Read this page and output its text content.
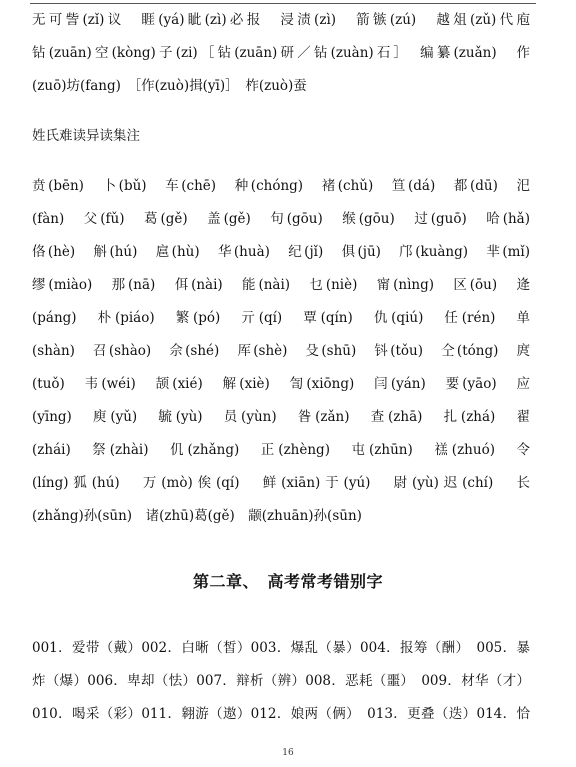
无可訾(zǐ)议　睚(yá)眦(zì)必报　浸渍(zì)　箭镞(zú)　越俎(zǔ)代庖
钻(zuān)空(kòng)子(zi)［钻(zuān)研／钻(zuàn)石］　编纂(zuǎn)　作
(zuō)坊(fang)　［作(zuò)揖(yī)］　柞(zuò)蚕
姓氏难读异读集注
贲(bēn)　卜(bǔ)　车(chē)　种(chóng)　褚(chǔ)　笪(dá)　都(dū)　汜
(fàn)　父(fǔ)　葛(gě)　盖(gě)　句(gōu)　缑(gōu)　过(guō)　哈(hǎ)
佫(hè)　斛(hú)　扈(hù)　华(huà)　纪(jǐ)　俱(jū)　邝(kuàng)　芈(mǐ)
缪(miào)　那(nā)　佴(nài)　能(nài)　乜(niè)　甯(nìng)　区(ōu)　逄
(páng)　朴(piáo)　繁(pó)　亓(qí)　覃(qín)　仇(qiú)　任(rén)　单
(shàn)　召(shào)　佘(shé)　厍(shè)　殳(shū)　钭(tǒu)　仝(tóng)　庹
(tuǒ)　韦(wéi)　颉(xié)　解(xiè)　訇(xiōng)　闫(yán)　要(yāo)　应
(yīng)　庾(yǔ)　毓(yù)　员(yùn)　昝(zǎn)　查(zhā)　扎(zhá)　翟
(zhái)　祭(zhài)　仉(zhǎng)　正(zhèng)　屯(zhūn)　禚(zhuó)　令
(líng)狐(hú)　万(mò)俟(qí)　鲜(xiān)于(yú)　尉(yù)迟(chí)　长
(zhǎng)孙(sūn)　诸(zhū)葛(gě)　颛(zhuān)孙(sūn)
第二章、　高考常考错别字
001．爱带（戴）002．白晰（皙）003．爆乱（暴）004．报筹（酬）　005．暴
炸（爆）006．卑却（怯）007．辩析（辨）008．恶耗（噩）　009．材华（才）
010．喝采（彩）011．翱游（遨）012．娘两（俩）　013．更叠（迭）014．恰
16
